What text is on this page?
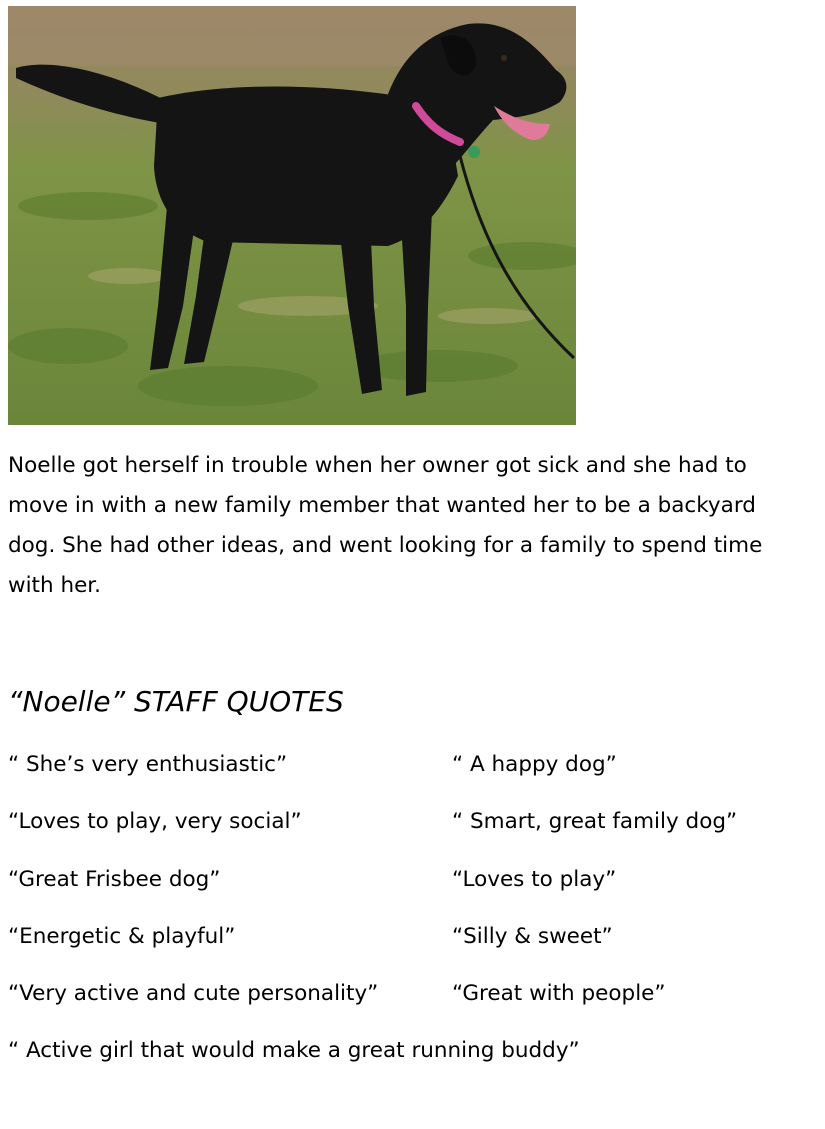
Noelle got herself in trouble when her owner got sick and she had to move in with a new family member that wanted her to be a backyard dog. She had other ideas, and went looking for a family to spend time with her.

“Noelle” STAFF QUOTES

“ She’s very enthusiastic”	“ A happy dog”

“Loves to play, very social”	“ Smart, great family dog”

“Great Frisbee dog”	“Loves to play”

“Energetic & playful”	“Silly & sweet”

“Very active and cute personality”	“Great with people”

“ Active girl that would make a great running buddy”
